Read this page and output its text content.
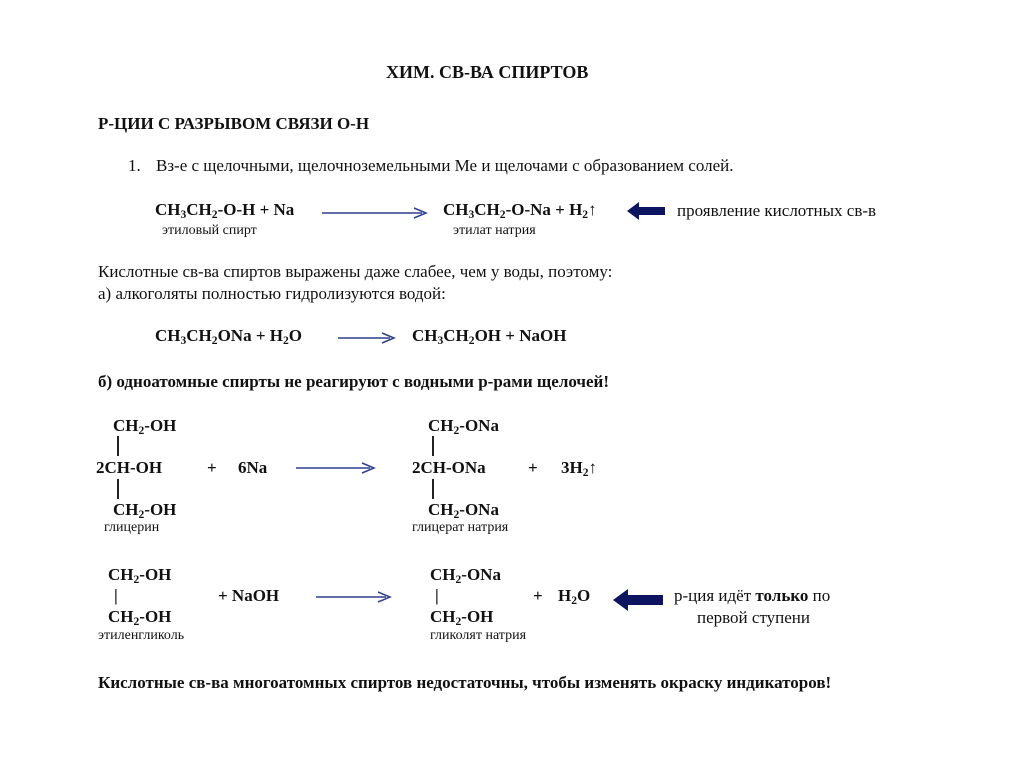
ХИМ. СВ-ВА СПИРТОВ
Р-ЦИИ С РАЗРЫВОМ СВЯЗИ О-Н
1. Вз-е с щелочными, щелочноземельными Ме и щелочами с образованием солей.
$CH_3CH_2-O-H + Na$	$CH_3CH_2-O-Na$ + $H_2↑$	проявление кислотных св-в
этиловый спирт	этилат натрия
Кислотные св-ва спиртов выражены даже слабее, чем у воды, поэтому:
а) алкоголяты полностью гидролизуются водой:
$CH_3CH_2ONa + H_2O \to CH_3CH_2OH$ + NaOH
б) одноатомные спирты не реагируют с водными р-рами щелочей!
$CH_2-OH$
2CH-OH
$CH_2-OH$
глицерин
+ 6Na
$CH_2$-ONa
2CH-ONa
$CH_2$-ONa
глицерат натрия
+ $3H_2↑$
$CH_2-OH$
|
$CH_2-OH$
этиленгликоль
+ NaOH
$CH_2$-ONa
|
$CH_2-OH$
гликолят натрия
+ $H_2O$	р-ция идёт только по
первой ступени
Кислотные св-ва многоатомных спиртов недостаточны, чтобы изменять окраску индикаторов!
